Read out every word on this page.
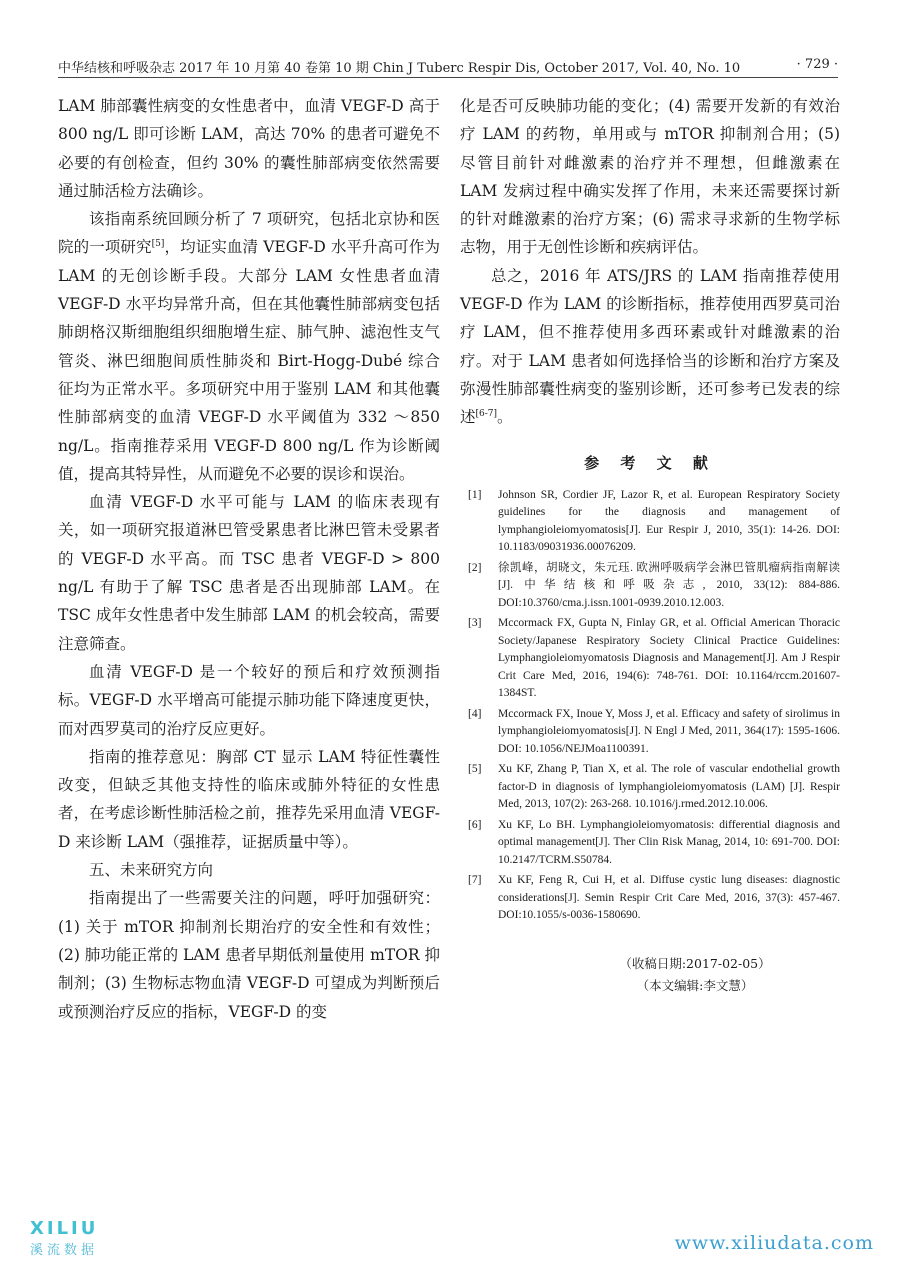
中华结核和呼吸杂志 2017 年 10 月第 40 卷第 10 期 Chin J Tuberc Respir Dis, October 2017, Vol. 40, No. 10	· 729 ·

LAM 肺部囊性病变的女性患者中，血清 VEGF-D 高于 800 ng/L 即可诊断 LAM，高达 70% 的患者可避免不必要的有创检查，但约 30% 的囊性肺部病变依然需要通过肺活检方法确诊。

该指南系统回顾分析了 7 项研究，包括北京协和医院的一项研究[5]，均证实血清 VEGF-D 水平升高可作为 LAM 的无创诊断手段。大部分 LAM 女性患者血清 VEGF-D 水平均异常升高，但在其他囊性肺部病变包括肺朗格汉斯细胞组织细胞增生症、肺气肿、滤泡性支气管炎、淋巴细胞间质性肺炎和 Birt-Hogg-Dubé 综合征均为正常水平。多项研究中用于鉴别 LAM 和其他囊性肺部病变的血清 VEGF-D 水平阈值为 332 ～850 ng/L。指南推荐采用 VEGF-D 800 ng/L 作为诊断阈值，提高其特异性，从而避免不必要的误诊和误治。

血清 VEGF-D 水平可能与 LAM 的临床表现有关，如一项研究报道淋巴管受累患者比淋巴管未受累者的 VEGF-D 水平高。而 TSC 患者 VEGF-D > 800 ng/L 有助于了解 TSC 患者是否出现肺部 LAM。在 TSC 成年女性患者中发生肺部 LAM 的机会较高，需要注意筛查。

血清 VEGF-D 是一个较好的预后和疗效预测指标。VEGF-D 水平增高可能提示肺功能下降速度更快，而对西罗莫司的治疗反应更好。

指南的推荐意见：胸部 CT 显示 LAM 特征性囊性改变，但缺乏其他支持性的临床或肺外特征的女性患者，在考虑诊断性肺活检之前，推荐先采用血清 VEGF-D 来诊断 LAM（强推荐，证据质量中等）。

五、未来研究方向

指南提出了一些需要关注的问题，呼吁加强研究：(1) 关于 mTOR 抑制剂长期治疗的安全性和有效性；(2) 肺功能正常的 LAM 患者早期低剂量使用 mTOR 抑制剂；(3) 生物标志物血清 VEGF-D 可望成为判断预后或预测治疗反应的指标，VEGF-D 的变

化是否可反映肺功能的变化；(4) 需要开发新的有效治疗 LAM 的药物，单用或与 mTOR 抑制剂合用；(5) 尽管目前针对雌激素的治疗并不理想，但雌激素在 LAM 发病过程中确实发挥了作用，未来还需要探讨新的针对雌激素的治疗方案；(6) 需求寻求新的生物学标志物，用于无创性诊断和疾病评估。

总之，2016 年 ATS/JRS 的 LAM 指南推荐使用 VEGF-D 作为 LAM 的诊断指标，推荐使用西罗莫司治疗 LAM，但不推荐使用多西环素或针对雌激素的治疗。对于 LAM 患者如何选择恰当的诊断和治疗方案及弥漫性肺部囊性病变的鉴别诊断，还可参考已发表的综述[6-7]。

参 考 文 献
[1] Johnson SR, Cordier JF, Lazor R, et al. European Respiratory Society guidelines for the diagnosis and management of lymphangioleiomyomatosis[J]. Eur Respir J, 2010, 35(1): 14-26. DOI: 10.1183/09031936.00076209.
[2] 徐凯峰，胡晓文，朱元珏. 欧洲呼吸病学会淋巴管肌瘤病指南解读[J]. 中华结核和呼吸杂志, 2010, 33(12): 884-886. DOI:10.3760/cma.j.issn.1001-0939.2010.12.003.
[3] Mccormack FX, Gupta N, Finlay GR, et al. Official American Thoracic Society/Japanese Respiratory Society Clinical Practice Guidelines: Lymphangioleiomyomatosis Diagnosis and Management[J]. Am J Respir Crit Care Med, 2016, 194(6): 748-761. DOI: 10.1164/rccm.201607-1384ST.
[4] Mccormack FX, Inoue Y, Moss J, et al. Efficacy and safety of sirolimus in lymphangioleiomyomatosis[J]. N Engl J Med, 2011, 364(17): 1595-1606. DOI: 10.1056/NEJMoa1100391.
[5] Xu KF, Zhang P, Tian X, et al. The role of vascular endothelial growth factor-D in diagnosis of lymphangioleiomyomatosis (LAM) [J]. Respir Med, 2013, 107(2): 263-268. 10.1016/j.rmed.2012.10.006.
[6] Xu KF, Lo BH. Lymphangioleiomyomatosis: differential diagnosis and optimal management[J]. Ther Clin Risk Manag, 2014, 10: 691-700. DOI: 10.2147/TCRM.S50784.
[7] Xu KF, Feng R, Cui H, et al. Diffuse cystic lung diseases: diagnostic considerations[J]. Semin Respir Crit Care Med, 2016, 37(3): 457-467. DOI:10.1055/s-0036-1580690.
（收稿日期:2017-02-05）
（本文编辑:李文慧）
XILIU
溪流数据	www.xiliudata.com
